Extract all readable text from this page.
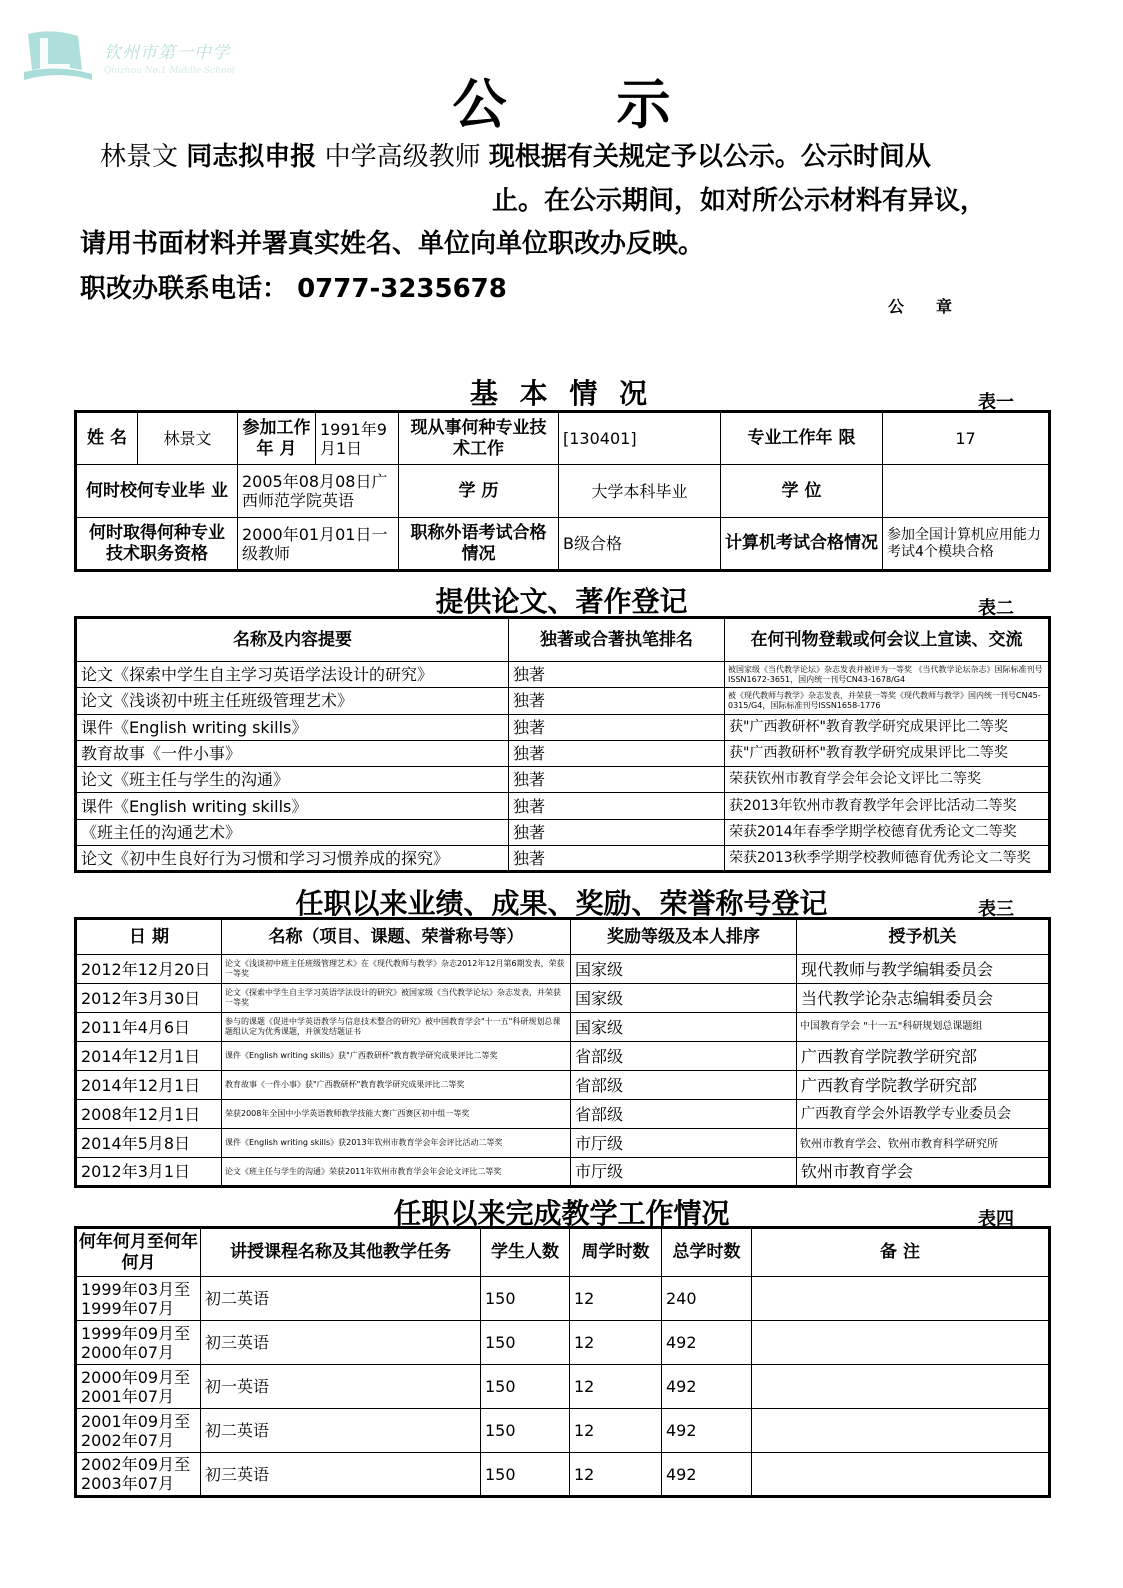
钦州市第一中学
Qinzhou No.1 Middle School
公示
林景文 同志拟申报 中学高级教师 现根据有关规定予以公示。公示时间从
止。在公示期间，如对所公示材料有异议，
请用书面材料并署真实姓名、单位向单位职改办反映。
职改办联系电话： 0777-3235678
公章
基 本 情 况	表一
姓 名	林景文	参加工作年 月	1991年9月1日	现从事何种专业技术工作	[130401]	专业工作年 限	17
何时校何专业毕 业		2005年08月08日广西师范学院英语		学 历	大学本科毕业	学 位	
何时取得何种专业技术职务资格		2000年01月01日一级教师		职称外语考试合格情况	B级合格	计算机考试合格情况	参加全国计算机应用能力考试4个模块合格
提供论文、著作登记	表二
名称及内容提要	独著或合著执笔排名	在何刊物登载或何会议上宣读、交流
论文《探索中学生自主学习英语学法设计的研究》	独著	被国家级《当代教学论坛》杂志发表并被评为一等奖 《当代教学论坛杂志》国际标准刊号ISSN1672-3651，国内统一刊号CN43-1678/G4
论文《浅谈初中班主任班级管理艺术》	独著	被《现代教师与教学》杂志发表，并荣获一等奖《现代教师与教学》国内统一刊号CN45-0315/G4，国际标准刊号ISSN1658-1776
课件《English writing skills》	独著	获"广西教研杯"教育教学研究成果评比二等奖
教育故事《一件小事》	独著	获"广西教研杯"教育教学研究成果评比二等奖
论文《班主任与学生的沟通》	独著	荣获钦州市教育学会年会论文评比二等奖
课件《English writing skills》	独著	获2013年钦州市教育教学年会评比活动二等奖
《班主任的沟通艺术》	独著	荣获2014年春季学期学校德育优秀论文二等奖
论文《初中生良好行为习惯和学习习惯养成的探究》	独著	荣获2013秋季学期学校教师德育优秀论文二等奖
任职以来业绩、成果、奖励、荣誉称号登记	表三
日 期	名称（项目、课题、荣誉称号等）	奖励等级及本人排序	授予机关
2012年12月20日	论文《浅谈初中班主任班级管理艺术》在《现代教师与教学》杂志2012年12月第6期发表，荣获一等奖	国家级	现代教师与教学编辑委员会
2012年3月30日	论文《探索中学生自主学习英语学法设计的研究》被国家级《当代教学论坛》杂志发表，并荣获一等奖	国家级	当代教学论杂志编辑委员会
2011年4月6日	参与的课题《促进中学英语教学与信息技术整合的研究》被中国教育学会"十一五"科研规划总课题组认定为优秀课题，并颁发结题证书	国家级	中国教育学会 "十一五"科研规划总课题组
2014年12月1日	课件《English writing skills》获"广西教研杯"教育教学研究成果评比二等奖	省部级	广西教育学院教学研究部
2014年12月1日	教育故事《一件小事》获"广西教研杯"教育教学研究成果评比二等奖	省部级	广西教育学院教学研究部
2008年12月1日	荣获2008年全国中小学英语教师教学技能大赛广西赛区初中组一等奖	省部级	广西教育学会外语教学专业委员会
2014年5月8日	课件《English writing skills》获2013年钦州市教育学会年会评比活动二等奖	市厅级	钦州市教育学会、钦州市教育科学研究所
2012年3月1日	论文《班主任与学生的沟通》荣获2011年钦州市教育学会年会论文评比二等奖	市厅级	钦州市教育学会
任职以来完成教学工作情况	表四
何年何月至何年何月	讲授课程名称及其他教学任务	学生人数	周学时数	总学时数	备 注
1999年03月至1999年07月	初二英语	150	12	240	
1999年09月至2000年07月	初三英语	150	12	492	
2000年09月至2001年07月	初一英语	150	12	492	
2001年09月至2002年07月	初二英语	150	12	492	
2002年09月至2003年07月	初三英语	150	12	492	
